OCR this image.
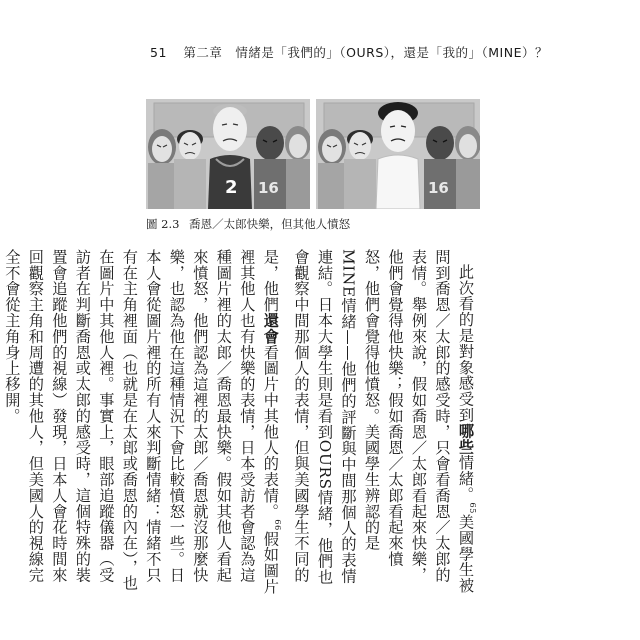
51 第二章　情緒是「我們的」（OURS），還是「我的」（MINE）？
2 16	16
圖 2.3 喬恩／太郎快樂，但其他人憤怒

此次看的是對象感受到哪些情緒。$^{65}$美國學生被問到喬恩／太郎的感受時，只會看喬恩／太郎的表情。舉例來說，假如喬恩／太郎看起來快樂，他們會覺得他快樂；假如喬恩／太郎看起來憤怒，他們會覺得他憤怒。美國學生辨認的是MINE情緒——他們的評斷與中間那個人的表情連結。日本大學生則是看到OURS情緒，他們也會觀察中間那個人的表情，但與美國學生不同的是，他們還會看圖片中其他人的表情。$^{66}$假如圖片裡其他人也有快樂的表情，日本受訪者會認為這種圖片裡的太郎／喬恩最快樂。假如其他人看起來憤怒，他們認為這裡的太郎／喬恩就沒那麼快樂，也認為他在這種情況下會比較憤怒一些。日本人會從圖片裡的所有人來判斷情緒：情緒不只有在主角裡面（也就是在太郎或喬恩的內在），也在圖片中其他人裡。事實上，眼部追蹤儀器（受訪者在判斷喬恩或太郎的感受時，這個特殊的裝置會追蹤他們的視線）發現，日本人會花時間來回觀察主角和周遭的其他人，但美國人的視線完全不會從主角身上移開。
